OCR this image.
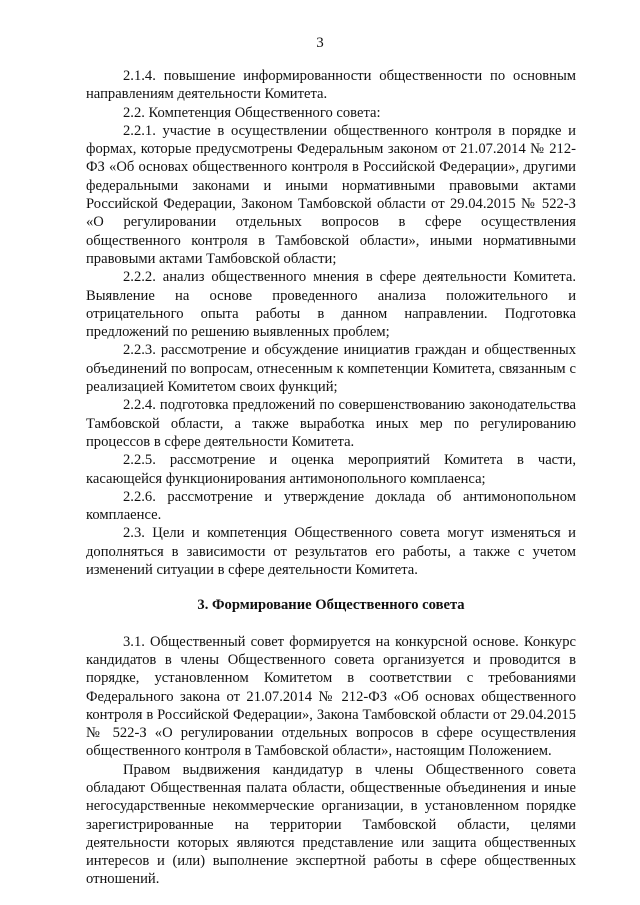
3

2.1.4. повышение информированности общественности по основным направлениям деятельности Комитета.

2.2. Компетенция Общественного совета:

2.2.1. участие в осуществлении общественного контроля в порядке и формах, которые предусмотрены Федеральным законом от 21.07.2014 № 212-ФЗ «Об основах общественного контроля в Российской Федерации», другими федеральными законами и иными нормативными правовыми актами Российской Федерации, Законом Тамбовской области от 29.04.2015 № 522-З «О регулировании отдельных вопросов в сфере осуществления общественного контроля в Тамбовской области», иными нормативными правовыми актами Тамбовской области;

2.2.2. анализ общественного мнения в сфере деятельности Комитета. Выявление на основе проведенного анализа положительного и отрицательного опыта работы в данном направлении. Подготовка предложений по решению выявленных проблем;

2.2.3. рассмотрение и обсуждение инициатив граждан и общественных объединений по вопросам, отнесенным к компетенции Комитета, связанным с реализацией Комитетом своих функций;

2.2.4. подготовка предложений по совершенствованию законодательства Тамбовской области, а также выработка иных мер по регулированию процессов в сфере деятельности Комитета.

2.2.5. рассмотрение и оценка мероприятий Комитета в части, касающейся функционирования антимонопольного комплаенса;

2.2.6. рассмотрение и утверждение доклада об антимонопольном комплаенсе.

2.3. Цели и компетенция Общественного совета могут изменяться и дополняться в зависимости от результатов его работы, а также с учетом изменений ситуации в сфере деятельности Комитета.

3. Формирование Общественного совета

3.1. Общественный совет формируется на конкурсной основе. Конкурс кандидатов в члены Общественного совета организуется и проводится в порядке, установленном Комитетом в соответствии с требованиями Федерального закона от 21.07.2014 № 212-ФЗ «Об основах общественного контроля в Российской Федерации», Закона Тамбовской области от 29.04.2015 № 522-З «О регулировании отдельных вопросов в сфере осуществления общественного контроля в Тамбовской области», настоящим Положением.

Правом выдвижения кандидатур в члены Общественного совета обладают Общественная палата области, общественные объединения и иные негосударственные некоммерческие организации, в установленном порядке зарегистрированные на территории Тамбовской области, целями деятельности которых являются представление или защита общественных интересов и (или) выполнение экспертной работы в сфере общественных отношений.
